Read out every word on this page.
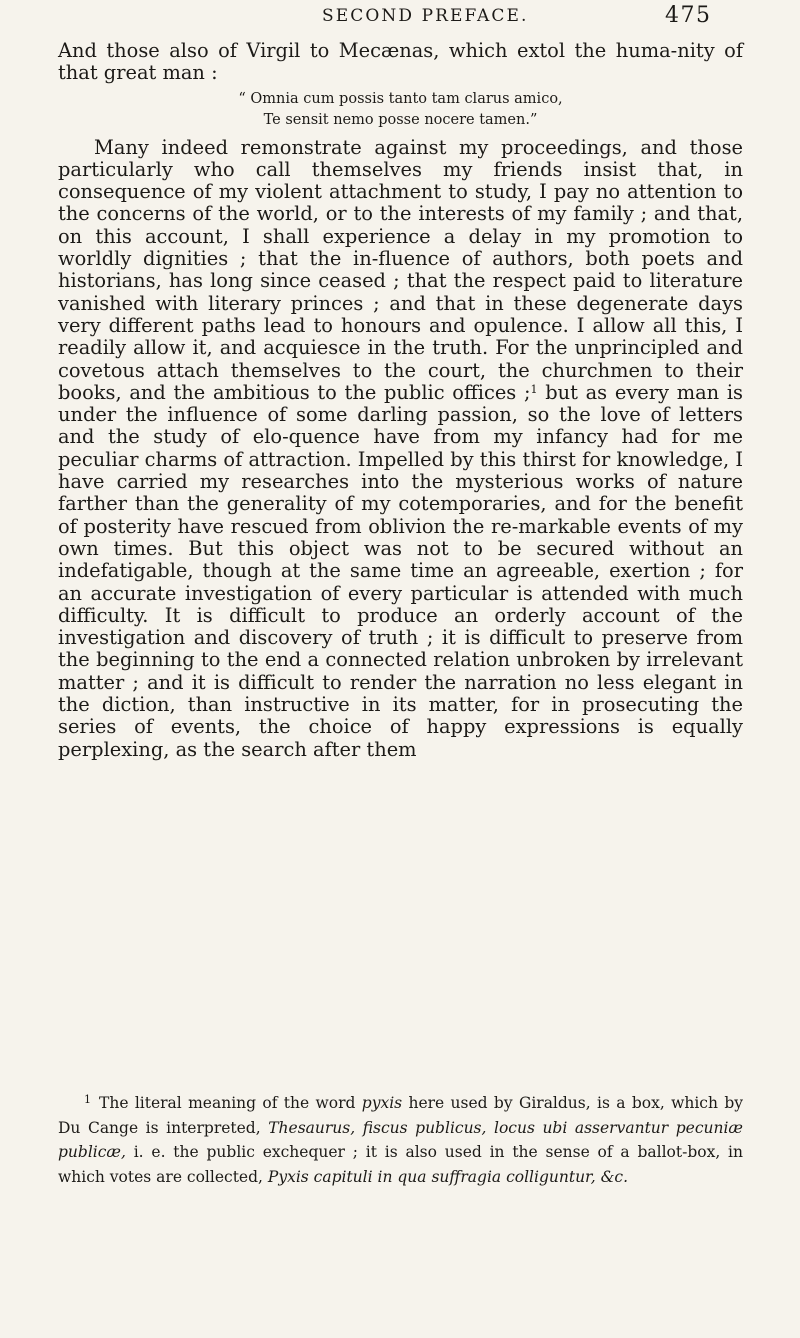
SECOND PREFACE.	475

And those also of Virgil to Mecænas, which extol the huma-nity of that great man :

“ Omnia cum possis tanto tam clarus amico,
Te sensit nemo posse nocere tamen.”

Many indeed remonstrate against my proceedings, and those particularly who call themselves my friends insist that, in consequence of my violent attachment to study, I pay no attention to the concerns of the world, or to the interests of my family ; and that, on this account, I shall experience a delay in my promotion to worldly dignities ; that the in-fluence of authors, both poets and historians, has long since ceased ; that the respect paid to literature vanished with literary princes ; and that in these degenerate days very different paths lead to honours and opulence. I allow all this, I readily allow it, and acquiesce in the truth. For the unprincipled and covetous attach themselves to the court, the churchmen to their books, and the ambitious to the public offices ;$^1$ but as every man is under the influence of some darling passion, so the love of letters and the study of elo-quence have from my infancy had for me peculiar charms of attraction. Impelled by this thirst for knowledge, I have carried my researches into the mysterious works of nature farther than the generality of my cotemporaries, and for the benefit of posterity have rescued from oblivion the re-markable events of my own times. But this object was not to be secured without an indefatigable, though at the same time an agreeable, exertion ; for an accurate investigation of every particular is attended with much difficulty. It is difficult to produce an orderly account of the investigation and discovery of truth ; it is difficult to preserve from the beginning to the end a connected relation unbroken by irrelevant matter ; and it is difficult to render the narration no less elegant in the diction, than instructive in its matter, for in prosecuting the series of events, the choice of happy expressions is equally perplexing, as the search after them

$^1$ The literal meaning of the word pyxis here used by Giraldus, is a box, which by Du Cange is interpreted, Thesaurus, fiscus publicus, locus ubi asservantur pecuniæ publicæ, i. e. the public exchequer ; it is also used in the sense of a ballot-box, in which votes are collected, Pyxis capituli in qua suffragia colliguntur, &c.
